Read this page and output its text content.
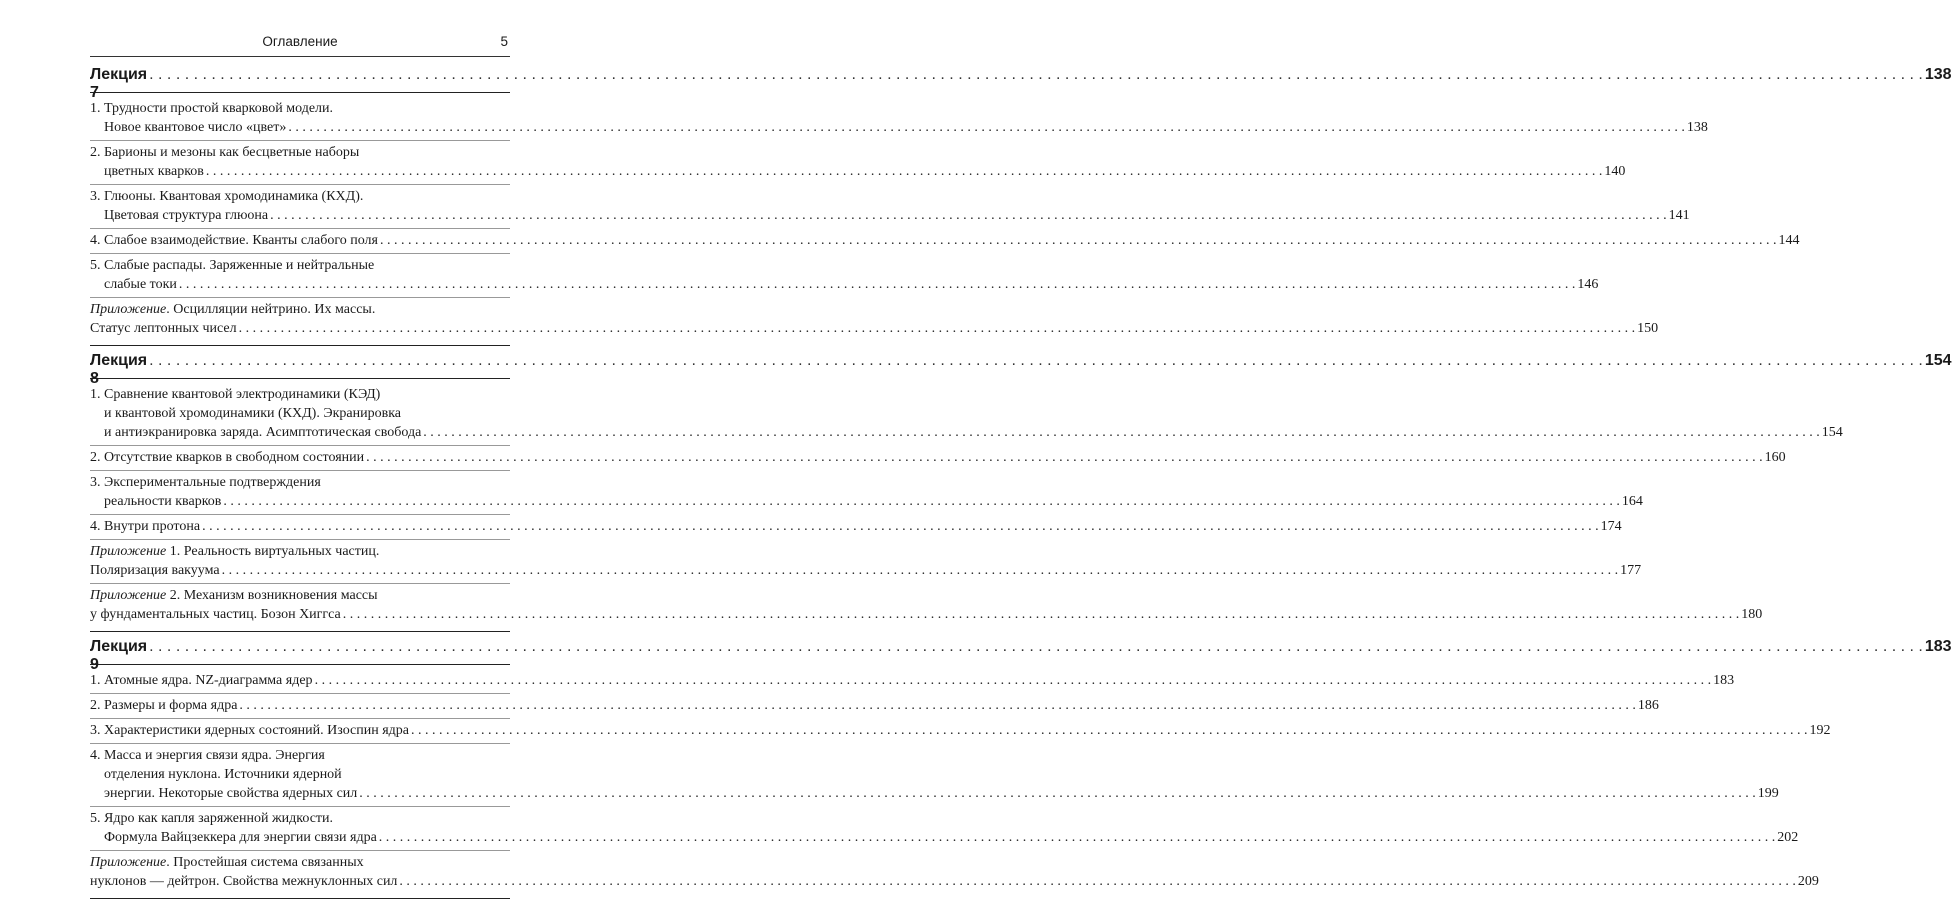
Оглавление	5
Лекция 7
. . . . . . . . . . . . . . . . . . . . . . . . . . . . . . . . . . . . . . . . . . . . . . . . . . . . . . . . . . . . . . . . . . . . . . . . . . . . . . . . . . . . . . . . . . . . . . . . . . . . . . . . . . . . . . . . . . . . . . . . . . . . . . . . . . . . . . . . . . . . . . . . . . . . . . . . . . . . . . . . . . . . . . . . . . . . . . . . . . . . . . . . . . . . . . . . . . . . . . . . 138
1. Трудности простой кварковой модели.
Новое квантовое число «цвет» . . . . . . . . . . . . . . . . . . . . . . . . . . . . . . . . . . . . . . . . . . . . . . . . . . . . . . . . . . . . . . . . . . . . . . . . . . . . . . . . . . . . . . . . . . . . . . . . . . . . . . . . . . . . . . . . . . . . . . . . . . . . . . . . . . . . . . . . . . . . . . . . . . . . . . . . . . . . . . . . . . . . . . . . . . . . . . . . . . . . . . . . . . . . . . . . . . . . . . . . 138
2. Барионы и мезоны как бесцветные наборы
цветных кварков . . . . . . . . . . . . . . . . . . . . . . . . . . . . . . . . . . . . . . . . . . . . . . . . . . . . . . . . . . . . . . . . . . . . . . . . . . . . . . . . . . . . . . . . . . . . . . . . . . . . . . . . . . . . . . . . . . . . . . . . . . . . . . . . . . . . . . . . . . . . . . . . . . . . . . . . . . . . . . . . . . . . . . . . . . . . . . . . . . . . . . . . . . . . . . . . . . . . . . . . 140
3. Глюоны. Квантовая хромодинамика (КХД).
Цветовая структура глюона . . . . . . . . . . . . . . . . . . . . . . . . . . . . . . . . . . . . . . . . . . . . . . . . . . . . . . . . . . . . . . . . . . . . . . . . . . . . . . . . . . . . . . . . . . . . . . . . . . . . . . . . . . . . . . . . . . . . . . . . . . . . . . . . . . . . . . . . . . . . . . . . . . . . . . . . . . . . . . . . . . . . . . . . . . . . . . . . . . . . . . . . . . . . . . . . . . . . . . . . 141
4. Слабое взаимодействие. Кванты слабого поля . . . . . . . . . . . . . . . . . . . . . . . . . . . . . . . . . . . . . . . . . . . . . . . . . . . . . . . . . . . . . . . . . . . . . . . . . . . . . . . . . . . . . . . . . . . . . . . . . . . . . . . . . . . . . . . . . . . . . . . . . . . . . . . . . . . . . . . . . . . . . . . . . . . . . . . . . . . . . . . . . . . . . . . . . . . . . . . . . . . . . . . . . . . . . . . . . . . . . . . . 144
5. Слабые распады. Заряженные и нейтральные
слабые токи . . . . . . . . . . . . . . . . . . . . . . . . . . . . . . . . . . . . . . . . . . . . . . . . . . . . . . . . . . . . . . . . . . . . . . . . . . . . . . . . . . . . . . . . . . . . . . . . . . . . . . . . . . . . . . . . . . . . . . . . . . . . . . . . . . . . . . . . . . . . . . . . . . . . . . . . . . . . . . . . . . . . . . . . . . . . . . . . . . . . . . . . . . . . . . . . . . . . . . . . 146
Приложение. Осцилляции нейтрино. Их массы.
Статус лептонных чисел . . . . . . . . . . . . . . . . . . . . . . . . . . . . . . . . . . . . . . . . . . . . . . . . . . . . . . . . . . . . . . . . . . . . . . . . . . . . . . . . . . . . . . . . . . . . . . . . . . . . . . . . . . . . . . . . . . . . . . . . . . . . . . . . . . . . . . . . . . . . . . . . . . . . . . . . . . . . . . . . . . . . . . . . . . . . . . . . . . . . . . . . . . . . . . . . . . . . . . . . 150
Лекция 8
. . . . . . . . . . . . . . . . . . . . . . . . . . . . . . . . . . . . . . . . . . . . . . . . . . . . . . . . . . . . . . . . . . . . . . . . . . . . . . . . . . . . . . . . . . . . . . . . . . . . . . . . . . . . . . . . . . . . . . . . . . . . . . . . . . . . . . . . . . . . . . . . . . . . . . . . . . . . . . . . . . . . . . . . . . . . . . . . . . . . . . . . . . . . . . . . . . . . . . . . 154
1. Сравнение квантовой электродинамики (КЭД)
и квантовой хромодинамики (КХД). Экранировка
и антиэкранировка заряда. Асимптотическая свобода . . . . . . . . . . . . . . . . . . . . . . . . . . . . . . . . . . . . . . . . . . . . . . . . . . . . . . . . . . . . . . . . . . . . . . . . . . . . . . . . . . . . . . . . . . . . . . . . . . . . . . . . . . . . . . . . . . . . . . . . . . . . . . . . . . . . . . . . . . . . . . . . . . . . . . . . . . . . . . . . . . . . . . . . . . . . . . . . . . . . . . . . . . . . . . . . . . . . . . . . 154
2. Отсутствие кварков в свободном состоянии . . . . . . . . . . . . . . . . . . . . . . . . . . . . . . . . . . . . . . . . . . . . . . . . . . . . . . . . . . . . . . . . . . . . . . . . . . . . . . . . . . . . . . . . . . . . . . . . . . . . . . . . . . . . . . . . . . . . . . . . . . . . . . . . . . . . . . . . . . . . . . . . . . . . . . . . . . . . . . . . . . . . . . . . . . . . . . . . . . . . . . . . . . . . . . . . . . . . . . . . 160
3. Экспериментальные подтверждения
реальности кварков . . . . . . . . . . . . . . . . . . . . . . . . . . . . . . . . . . . . . . . . . . . . . . . . . . . . . . . . . . . . . . . . . . . . . . . . . . . . . . . . . . . . . . . . . . . . . . . . . . . . . . . . . . . . . . . . . . . . . . . . . . . . . . . . . . . . . . . . . . . . . . . . . . . . . . . . . . . . . . . . . . . . . . . . . . . . . . . . . . . . . . . . . . . . . . . . . . . . . . . . 164
4. Внутри протона . . . . . . . . . . . . . . . . . . . . . . . . . . . . . . . . . . . . . . . . . . . . . . . . . . . . . . . . . . . . . . . . . . . . . . . . . . . . . . . . . . . . . . . . . . . . . . . . . . . . . . . . . . . . . . . . . . . . . . . . . . . . . . . . . . . . . . . . . . . . . . . . . . . . . . . . . . . . . . . . . . . . . . . . . . . . . . . . . . . . . . . . . . . . . . . . . . . . . . . . 174
Приложение 1. Реальность виртуальных частиц.
Поляризация вакуума . . . . . . . . . . . . . . . . . . . . . . . . . . . . . . . . . . . . . . . . . . . . . . . . . . . . . . . . . . . . . . . . . . . . . . . . . . . . . . . . . . . . . . . . . . . . . . . . . . . . . . . . . . . . . . . . . . . . . . . . . . . . . . . . . . . . . . . . . . . . . . . . . . . . . . . . . . . . . . . . . . . . . . . . . . . . . . . . . . . . . . . . . . . . . . . . . . . . . . . . 177
Приложение 2. Механизм возникновения массы
у фундаментальных частиц. Бозон Хиггса . . . . . . . . . . . . . . . . . . . . . . . . . . . . . . . . . . . . . . . . . . . . . . . . . . . . . . . . . . . . . . . . . . . . . . . . . . . . . . . . . . . . . . . . . . . . . . . . . . . . . . . . . . . . . . . . . . . . . . . . . . . . . . . . . . . . . . . . . . . . . . . . . . . . . . . . . . . . . . . . . . . . . . . . . . . . . . . . . . . . . . . . . . . . . . . . . . . . . . . . 180
Лекция 9
. . . . . . . . . . . . . . . . . . . . . . . . . . . . . . . . . . . . . . . . . . . . . . . . . . . . . . . . . . . . . . . . . . . . . . . . . . . . . . . . . . . . . . . . . . . . . . . . . . . . . . . . . . . . . . . . . . . . . . . . . . . . . . . . . . . . . . . . . . . . . . . . . . . . . . . . . . . . . . . . . . . . . . . . . . . . . . . . . . . . . . . . . . . . . . . . . . . . . . . . 183
1. Атомные ядра. NZ-диаграмма ядер . . . . . . . . . . . . . . . . . . . . . . . . . . . . . . . . . . . . . . . . . . . . . . . . . . . . . . . . . . . . . . . . . . . . . . . . . . . . . . . . . . . . . . . . . . . . . . . . . . . . . . . . . . . . . . . . . . . . . . . . . . . . . . . . . . . . . . . . . . . . . . . . . . . . . . . . . . . . . . . . . . . . . . . . . . . . . . . . . . . . . . . . . . . . . . . . . . . . . . . . 183
2. Размеры и форма ядра . . . . . . . . . . . . . . . . . . . . . . . . . . . . . . . . . . . . . . . . . . . . . . . . . . . . . . . . . . . . . . . . . . . . . . . . . . . . . . . . . . . . . . . . . . . . . . . . . . . . . . . . . . . . . . . . . . . . . . . . . . . . . . . . . . . . . . . . . . . . . . . . . . . . . . . . . . . . . . . . . . . . . . . . . . . . . . . . . . . . . . . . . . . . . . . . . . . . . . . . 186
3. Характеристики ядерных состояний. Изоспин ядра . . . . . . . . . . . . . . . . . . . . . . . . . . . . . . . . . . . . . . . . . . . . . . . . . . . . . . . . . . . . . . . . . . . . . . . . . . . . . . . . . . . . . . . . . . . . . . . . . . . . . . . . . . . . . . . . . . . . . . . . . . . . . . . . . . . . . . . . . . . . . . . . . . . . . . . . . . . . . . . . . . . . . . . . . . . . . . . . . . . . . . . . . . . . . . . . . . . . . . . . 192
4. Масса и энергия связи ядра. Энергия
отделения нуклона. Источники ядерной
энергии. Некоторые свойства ядерных сил . . . . . . . . . . . . . . . . . . . . . . . . . . . . . . . . . . . . . . . . . . . . . . . . . . . . . . . . . . . . . . . . . . . . . . . . . . . . . . . . . . . . . . . . . . . . . . . . . . . . . . . . . . . . . . . . . . . . . . . . . . . . . . . . . . . . . . . . . . . . . . . . . . . . . . . . . . . . . . . . . . . . . . . . . . . . . . . . . . . . . . . . . . . . . . . . . . . . . . . . 199
5. Ядро как капля заряженной жидкости.
Формула Вайцзеккера для энергии связи ядра . . . . . . . . . . . . . . . . . . . . . . . . . . . . . . . . . . . . . . . . . . . . . . . . . . . . . . . . . . . . . . . . . . . . . . . . . . . . . . . . . . . . . . . . . . . . . . . . . . . . . . . . . . . . . . . . . . . . . . . . . . . . . . . . . . . . . . . . . . . . . . . . . . . . . . . . . . . . . . . . . . . . . . . . . . . . . . . . . . . . . . . . . . . . . . . . . . . . . . . . 202
Приложение. Простейшая система связанных
нуклонов — дейтрон. Свойства межнуклонных сил . . . . . . . . . . . . . . . . . . . . . . . . . . . . . . . . . . . . . . . . . . . . . . . . . . . . . . . . . . . . . . . . . . . . . . . . . . . . . . . . . . . . . . . . . . . . . . . . . . . . . . . . . . . . . . . . . . . . . . . . . . . . . . . . . . . . . . . . . . . . . . . . . . . . . . . . . . . . . . . . . . . . . . . . . . . . . . . . . . . . . . . . . . . . . . . . . . . . . . . . 209
